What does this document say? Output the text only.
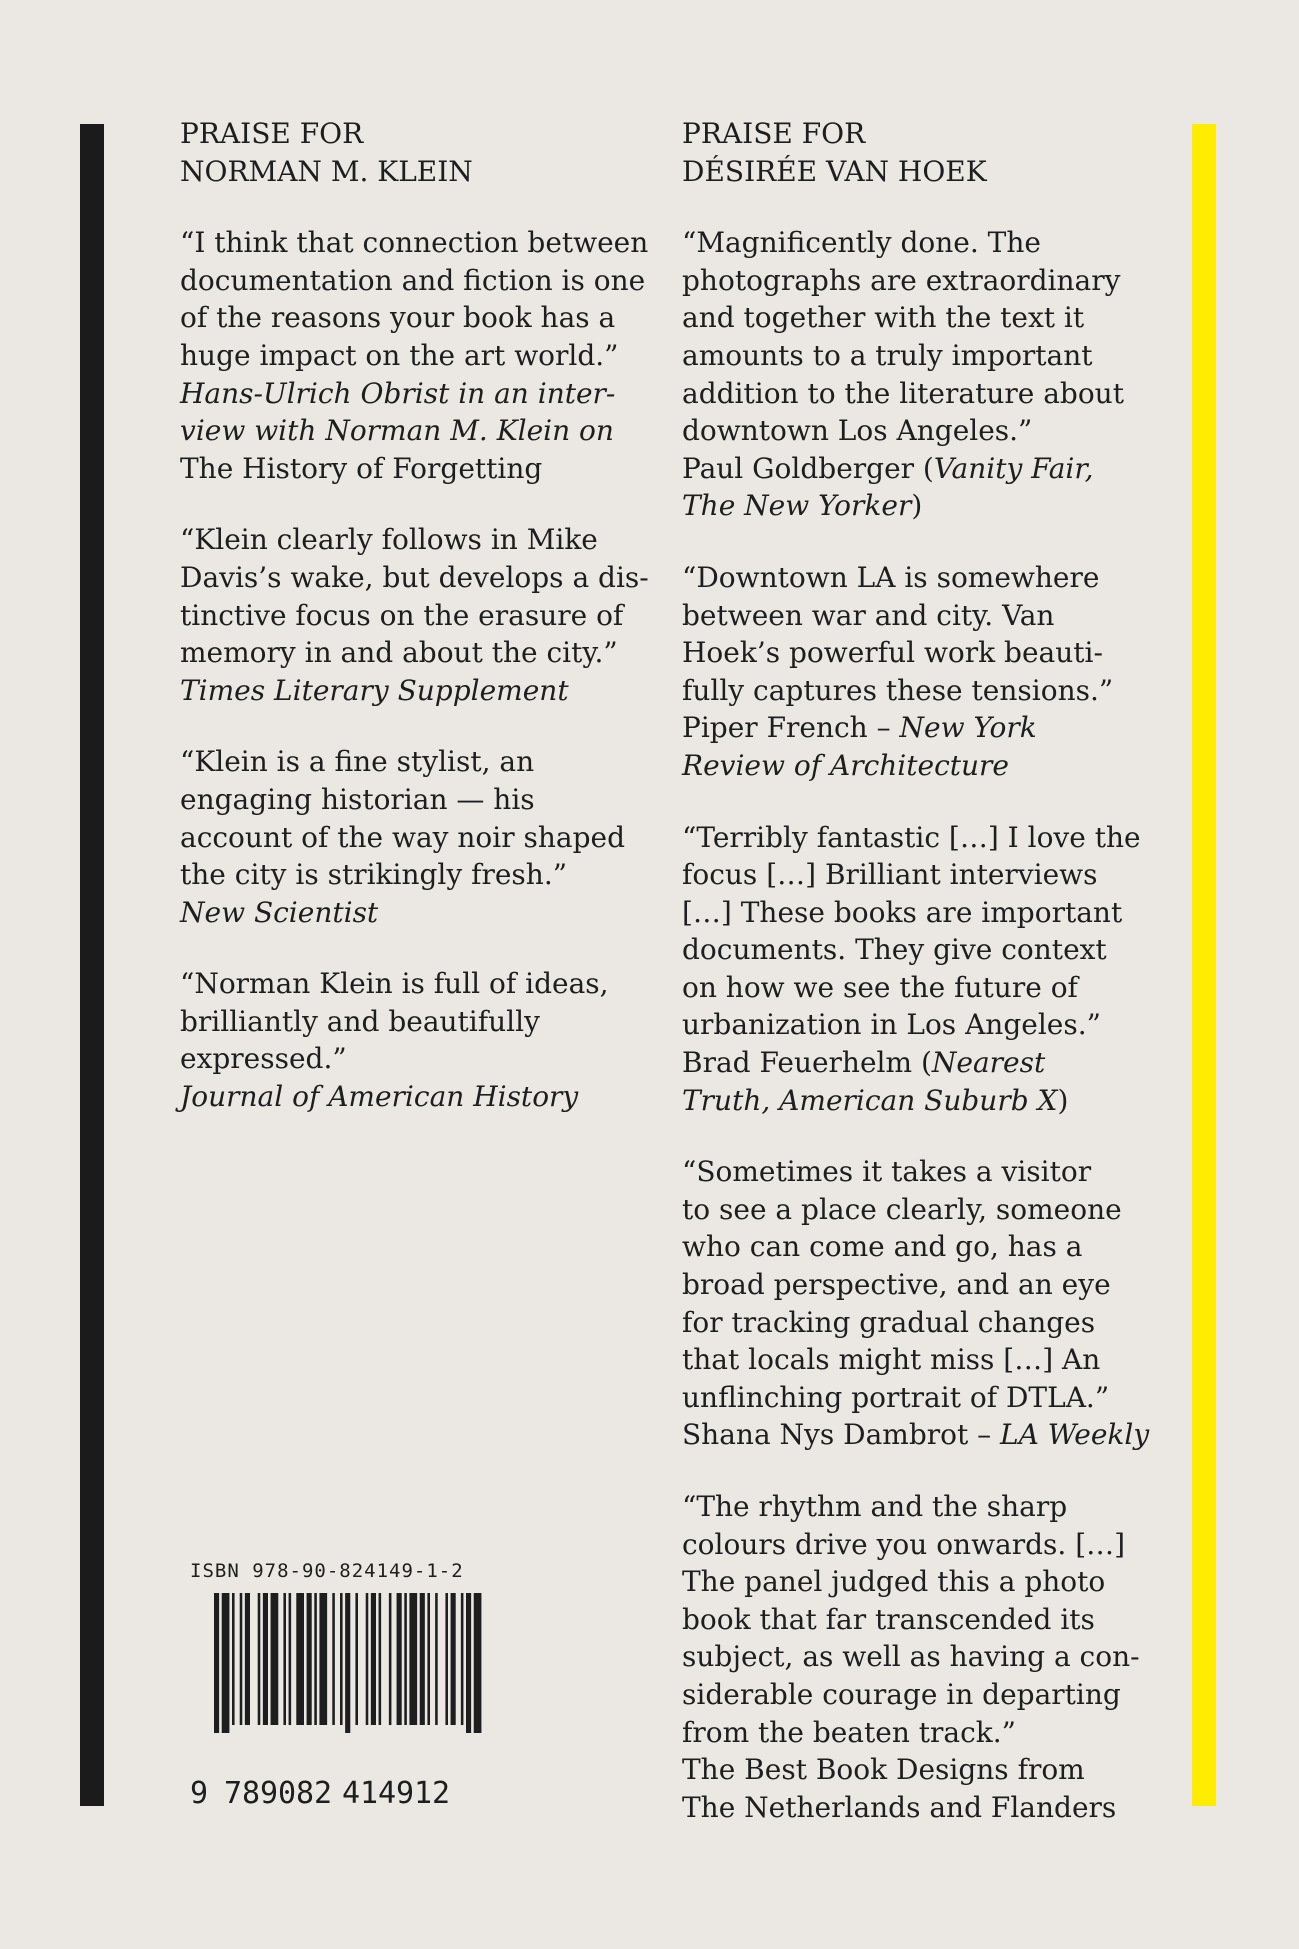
PRAISE FOR
NORMAN M. KLEIN
“I think that connection between
documentation and fiction is one
of the reasons your book has a
huge impact on the art world.”
Hans-Ulrich Obrist in an inter-
view with Norman M. Klein on
The History of Forgetting
“Klein clearly follows in Mike
Davis’s wake, but develops a dis-
tinctive focus on the erasure of
memory in and about the city.”
Times Literary Supplement
“Klein is a fine stylist, an
engaging historian — his
account of the way noir shaped
the city is strikingly fresh.”
New Scientist
“Norman Klein is full of ideas,
brilliantly and beautifully
expressed.”
Journal of American History
PRAISE FOR
DÉSIRÉE VAN HOEK
“Magnificently done. The
photographs are extraordinary
and together with the text it
amounts to a truly important
addition to the literature about
downtown Los Angeles.”
Paul Goldberger (Vanity Fair,
The New Yorker)
“Downtown LA is somewhere
between war and city. Van
Hoek’s powerful work beauti-
fully captures these tensions.”
Piper French – New York
Review of Architecture
“Terribly fantastic […] I love the
focus […] Brilliant interviews
[…] These books are important
documents. They give context
on how we see the future of
urbanization in Los Angeles.”
Brad Feuerhelm (Nearest
Truth, American Suburb X)
“Sometimes it takes a visitor
to see a place clearly, someone
who can come and go, has a
broad perspective, and an eye
for tracking gradual changes
that locals might miss […] An
unflinching portrait of DTLA.”
Shana Nys Dambrot – LA Weekly
“The rhythm and the sharp
colours drive you onwards. […]
The panel judged this a photo
book that far transcended its
subject, as well as having a con-
siderable courage in departing
from the beaten track.”
The Best Book Designs from
The Netherlands and Flanders
ISBN 978-90-824149-1-2
9 7 8 9 0 8 2 4 1 4 9 1 2
